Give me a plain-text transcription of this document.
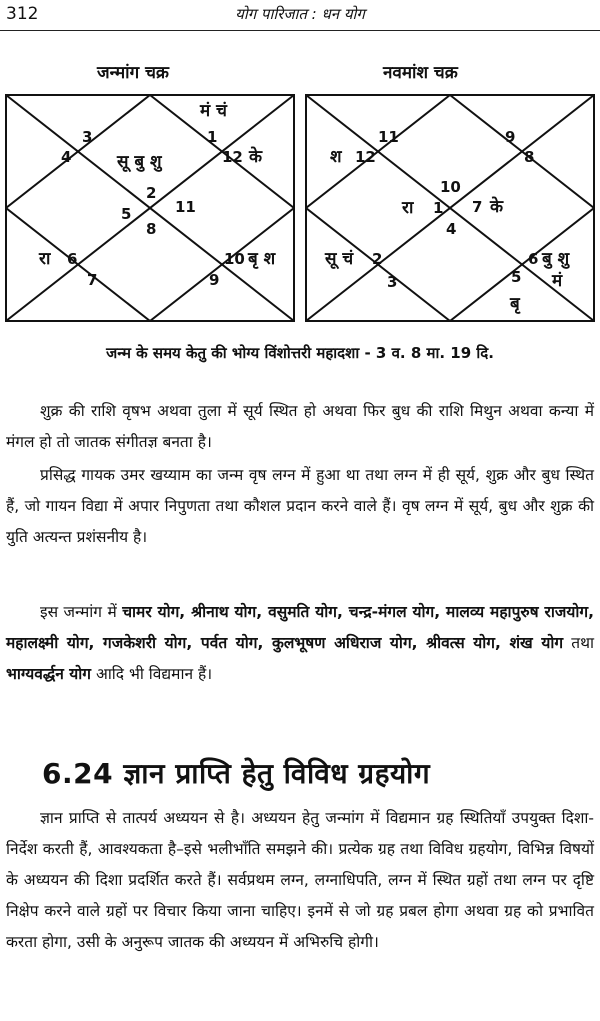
312	योग पारिजात : धन योग
जन्मांग चक्र	नवमांश चक्र
1
2
3
4
5
6
7
8
9
10
11
12
मं चं
सू बु शु	के
रा	बृ श
1
2
3
4
5
6
7
8
9
10
11
12
श
रा	के
सू चं	बु शु
मं
बृ
जन्म के समय केतु की भोग्य विंशोत्तरी महादशा - 3 व. 8 मा. 19 दि.

शुक्र की राशि वृषभ अथवा तुला में सूर्य स्थित हो अथवा फिर बुध की राशि मिथुन अथवा कन्या में मंगल हो तो जातक संगीतज्ञ बनता है।

प्रसिद्ध गायक उमर खय्याम का जन्म वृष लग्न में हुआ था तथा लग्न में ही सूर्य, शुक्र और बुध स्थित हैं, जो गायन विद्या में अपार निपुणता तथा कौशल प्रदान करने वाले हैं। वृष लग्न में सूर्य, बुध और शुक्र की युति अत्यन्त प्रशंसनीय है।

इस जन्मांग में चामर योग, श्रीनाथ योग, वसुमति योग, चन्द्र-मंगल योग, मालव्य महापुरुष राजयोग, महालक्ष्मी योग, गजकेशरी योग, पर्वत योग, कुलभूषण अधिराज योग, श्रीवत्स योग, शंख योग तथा भाग्यवर्द्धन योग आदि भी विद्यमान हैं।

6.24 ज्ञान प्राप्ति हेतु विविध ग्रहयोग

ज्ञान प्राप्ति से तात्पर्य अध्ययन से है। अध्ययन हेतु जन्मांग में विद्यमान ग्रह स्थितियाँ उपयुक्त दिशा-निर्देश करती हैं, आवश्यकता है–इसे भलीभाँति समझने की। प्रत्येक ग्रह तथा विविध ग्रहयोग, विभिन्न विषयों के अध्ययन की दिशा प्रदर्शित करते हैं। सर्वप्रथम लग्न, लग्नाधिपति, लग्न में स्थित ग्रहों तथा लग्न पर दृष्टि निक्षेप करने वाले ग्रहों पर विचार किया जाना चाहिए। इनमें से जो ग्रह प्रबल होगा अथवा ग्रह को प्रभावित करता होगा, उसी के अनुरूप जातक की अध्ययन में अभिरुचि होगी।
